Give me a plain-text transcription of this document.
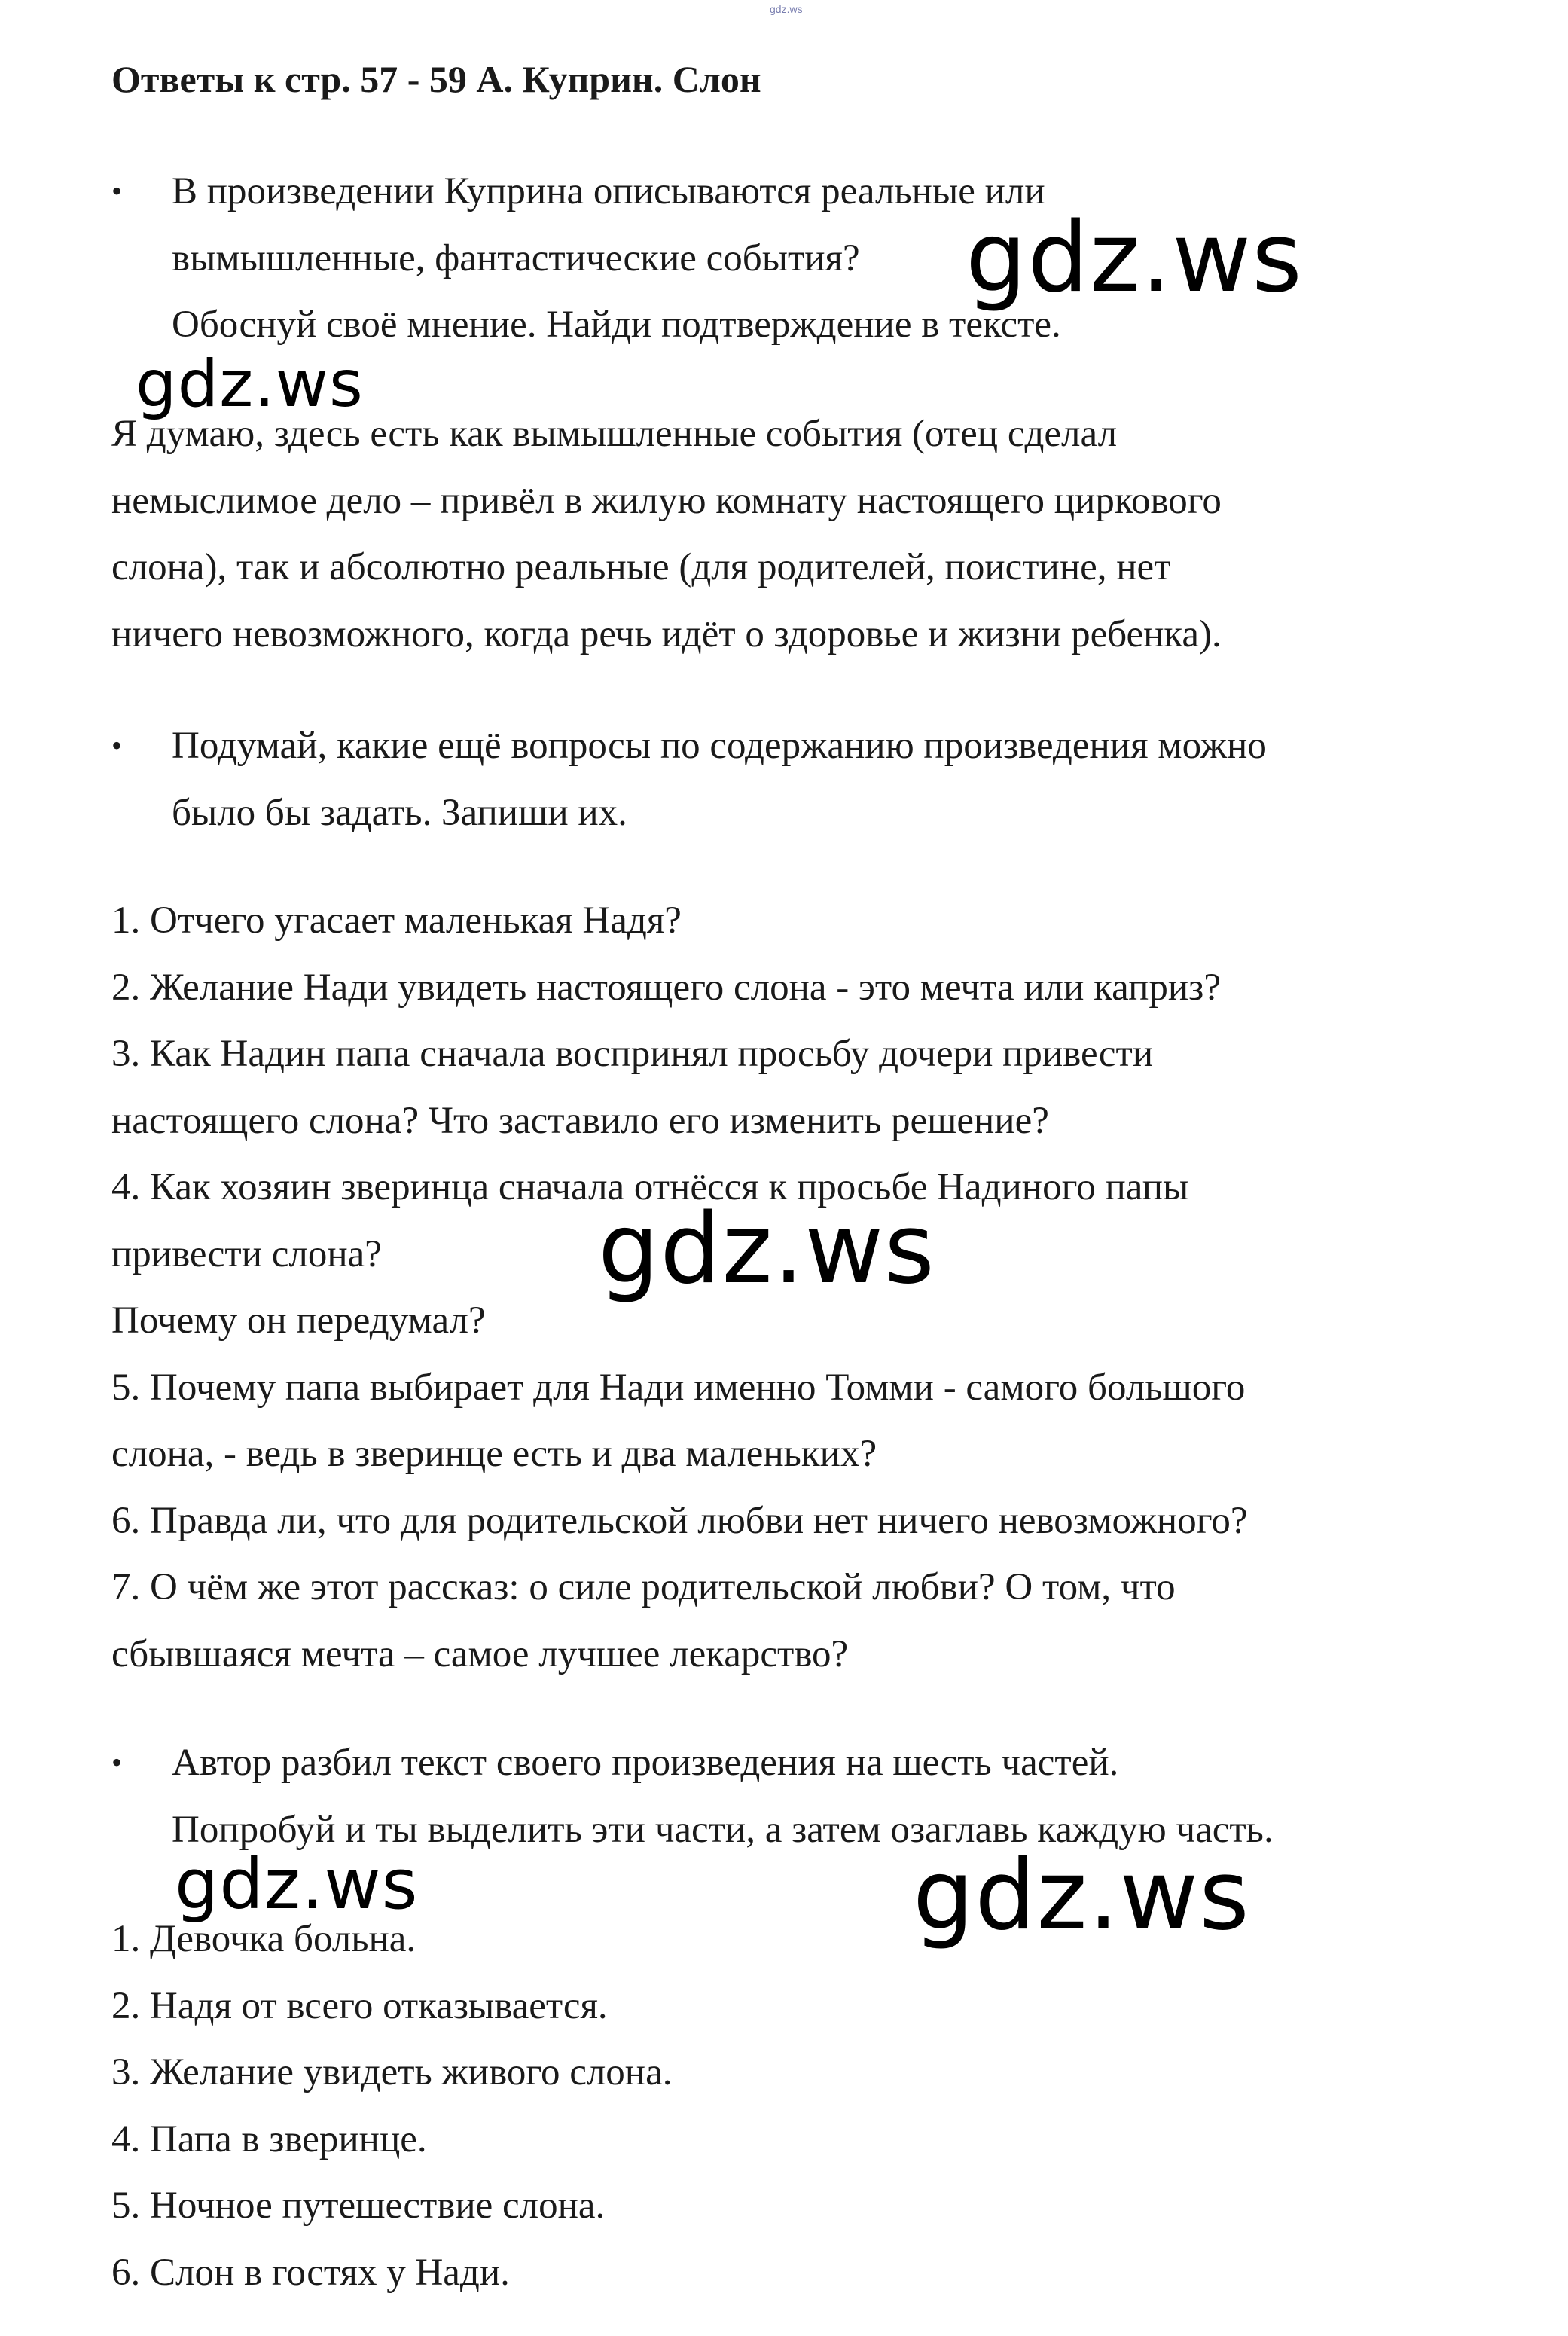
gdz.ws
Ответы к стр. 57 - 59 А. Куприн. Слон
•	В произведении Куприна описываются реальные или
вымышленные, фантастические события?
Обоснуй своё мнение. Найди подтверждение в тексте.
Я думаю, здесь есть как вымышленные события (отец сделал
немыслимое дело – привёл в жилую комнату настоящего циркового
слона), так и абсолютно реальные (для родителей, поистине, нет
ничего невозможного, когда речь идёт о здоровье и жизни ребенка).
•	Подумай, какие ещё вопросы по содержанию произведения можно
было бы задать. Запиши их.
1. Отчего угасает маленькая Надя?
2. Желание Нади увидеть настоящего слона - это мечта или каприз?
3. Как Надин папа сначала воспринял просьбу дочери привести
настоящего слона? Что заставило его изменить решение?
4. Как хозяин зверинца сначала отнёсся к просьбе Надиного папы
привести слона?
Почему он передумал?
5. Почему папа выбирает для Нади именно Томми - самого большого
слона, - ведь в зверинце есть и два маленьких?
6. Правда ли, что для родительской любви нет ничего невозможного?
7. О чём же этот рассказ: о силе родительской любви? О том, что
сбывшаяся мечта – самое лучшее лекарство?
•	Автор разбил текст своего произведения на шесть частей.
Попробуй и ты выделить эти части, а затем озаглавь каждую часть.
1. Девочка больна.
2. Надя от всего отказывается.
3. Желание увидеть живого слона.
4. Папа в зверинце.
5. Ночное путешествие слона.
6. Слон в гостях у Нади.
gdz.ws
gdz.ws
gdz.ws
gdz.ws	gdz.ws
